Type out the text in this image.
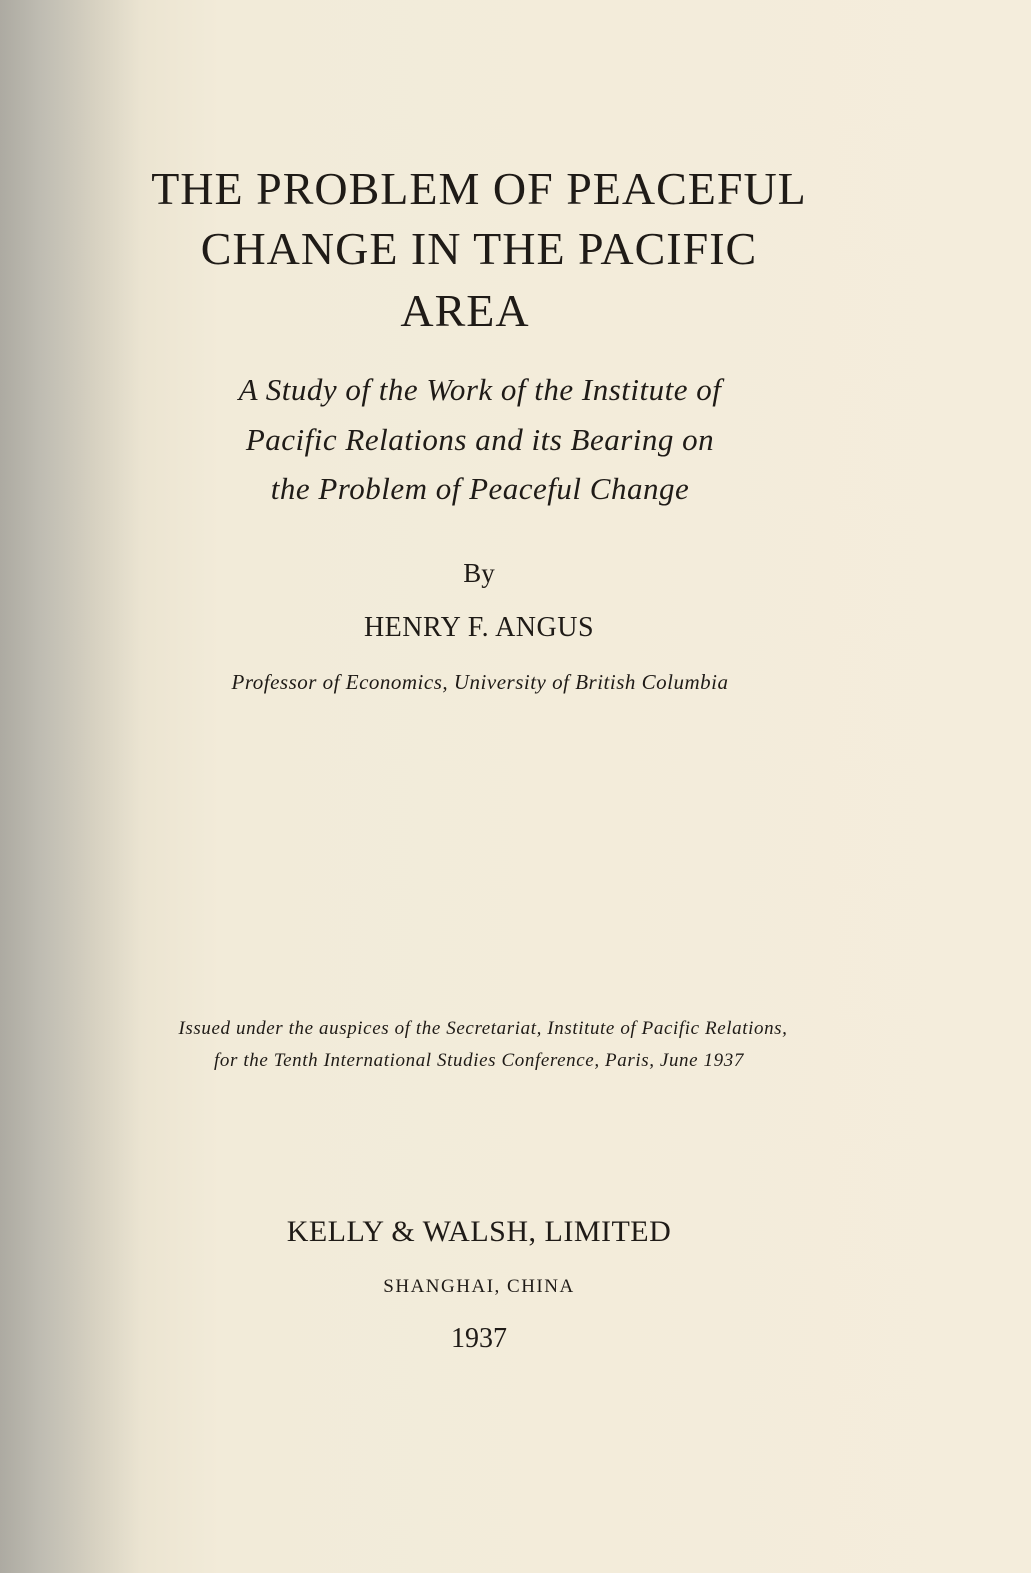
THE PROBLEM OF PEACEFUL

CHANGE IN THE PACIFIC

AREA

A Study of the Work of the Institute of

Pacific Relations and its Bearing on

the Problem of Peaceful Change

By

HENRY F. ANGUS

Professor of Economics, University of British Columbia

Issued under the auspices of the Secretariat, Institute of Pacific Relations,

for the Tenth International Studies Conference, Paris, June 1937

KELLY & WALSH, LIMITED

SHANGHAI, CHINA

1937
